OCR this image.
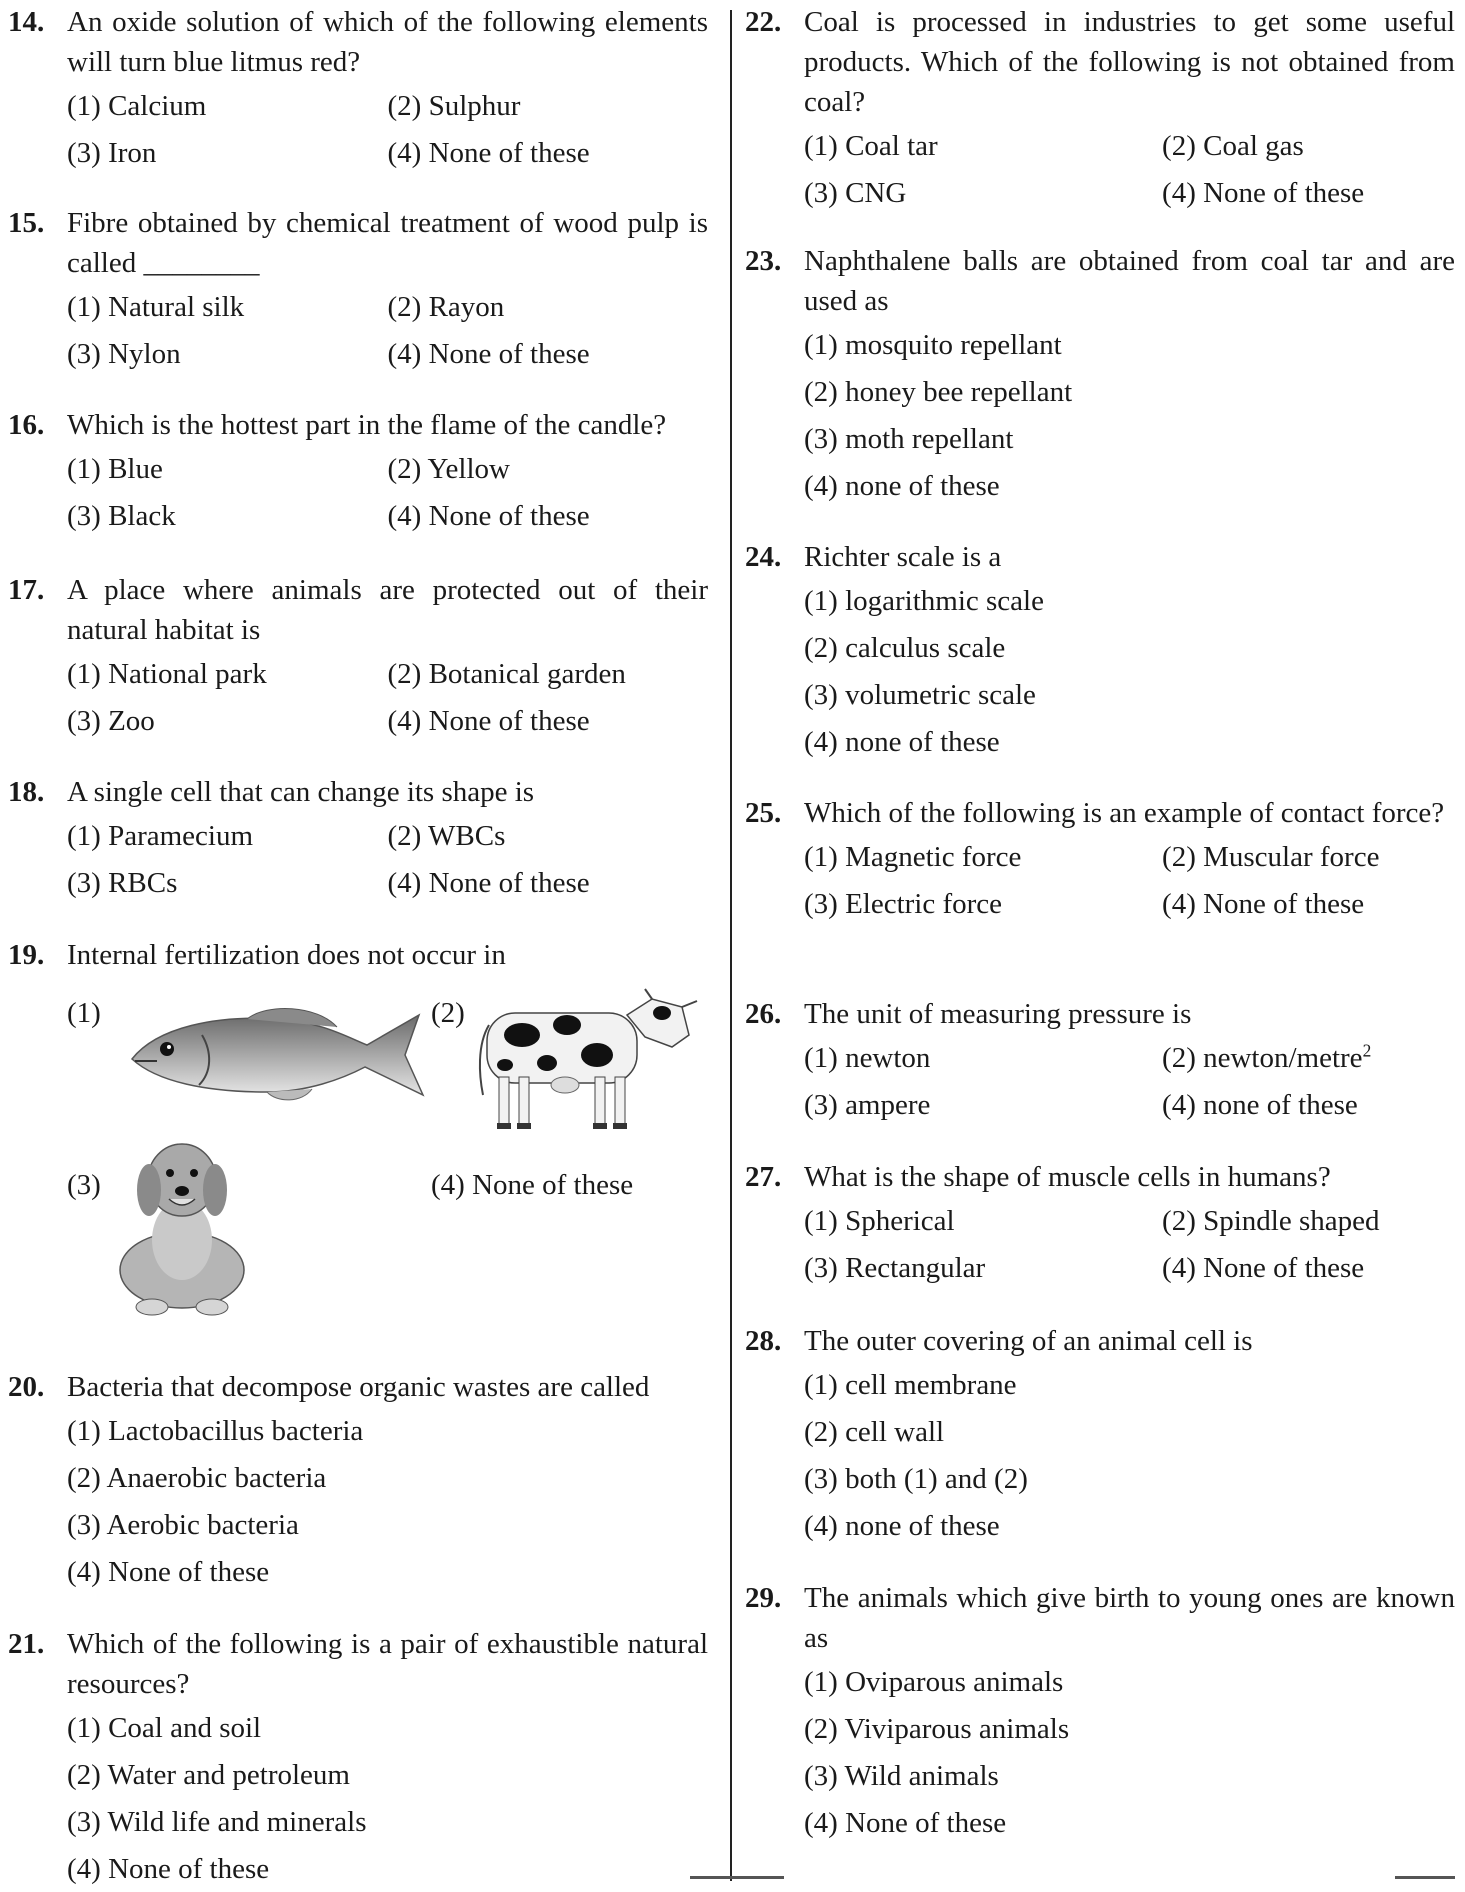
14. An oxide solution of which of the following elements will turn blue litmus red?
(1) Calcium	(2) Sulphur
(3) Iron	(4) None of these
15. Fibre obtained by chemical treatment of wood pulp is called ________
(1) Natural silk	(2) Rayon
(3) Nylon	(4) None of these
16. Which is the hottest part in the flame of the candle?
(1) Blue	(2) Yellow
(3) Black	(4) None of these
17. A place where animals are protected out of their natural habitat is
(1) National park	(2) Botanical garden
(3) Zoo	(4) None of these
18. A single cell that can change its shape is
(1) Paramecium	(2) WBCs
(3) RBCs	(4) None of these
19. Internal fertilization does not occur in
(1)	(2)
(3)	(4) None of these
20. Bacteria that decompose organic wastes are called
(1) Lactobacillus bacteria
(2) Anaerobic bacteria
(3) Aerobic bacteria
(4) None of these
21. Which of the following is a pair of exhaustible natural resources?
(1) Coal and soil
(2) Water and petroleum
(3) Wild life and minerals
(4) None of these
22. Coal is processed in industries to get some useful products. Which of the following is not obtained from coal?
(1) Coal tar	(2) Coal gas
(3) CNG	(4) None of these
23. Naphthalene balls are obtained from coal tar and are used as
(1) mosquito repellant
(2) honey bee repellant
(3) moth repellant
(4) none of these
24. Richter scale is a
(1) logarithmic scale
(2) calculus scale
(3) volumetric scale
(4) none of these
25. Which of the following is an example of contact force?
(1) Magnetic force	(2) Muscular force
(3) Electric force	(4) None of these
26. The unit of measuring pressure is
(1) newton	(2) newton/metre$^2$
(3) ampere	(4) none of these
27. What is the shape of muscle cells in humans?
(1) Spherical	(2) Spindle shaped
(3) Rectangular	(4) None of these
28. The outer covering of an animal cell is
(1) cell membrane
(2) cell wall
(3) both (1) and (2)
(4) none of these
29. The animals which give birth to young ones are known as
(1) Oviparous animals
(2) Viviparous animals
(3) Wild animals
(4) None of these
